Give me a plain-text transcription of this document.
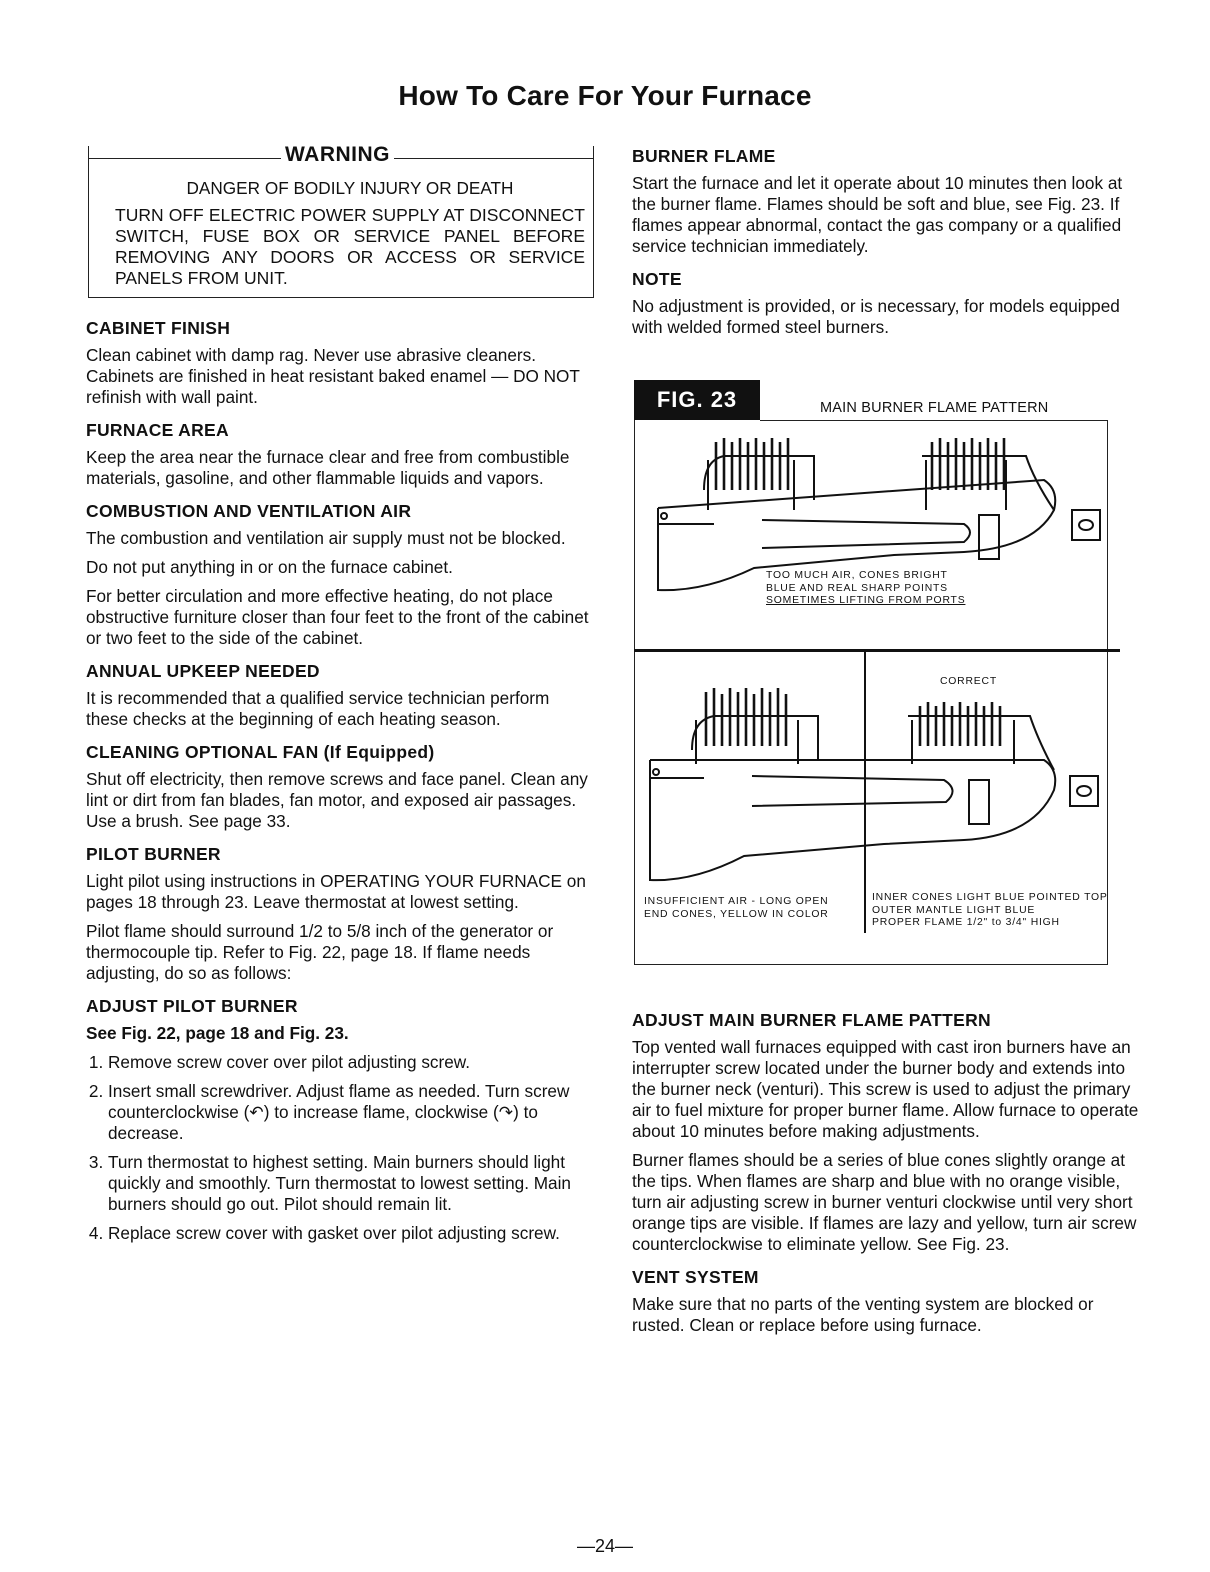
How To Care For Your Furnace
WARNING
DANGER OF BODILY INJURY OR DEATH
TURN OFF ELECTRIC POWER SUPPLY AT DISCONNECT SWITCH, FUSE BOX OR SERVICE PANEL BEFORE REMOVING ANY DOORS OR ACCESS OR SERVICE PANELS FROM UNIT.
CABINET FINISH

Clean cabinet with damp rag. Never use abrasive cleaners. Cabinets are finished in heat resistant baked enamel — DO NOT refinish with wall paint.

FURNACE AREA

Keep the area near the furnace clear and free from combustible materials, gasoline, and other flammable liquids and vapors.

COMBUSTION AND VENTILATION AIR

The combustion and ventilation air supply must not be blocked.

Do not put anything in or on the furnace cabinet.

For better circulation and more effective heating, do not place obstructive furniture closer than four feet to the front of the cabinet or two feet to the side of the cabinet.

ANNUAL UPKEEP NEEDED

It is recommended that a qualified service technician perform these checks at the beginning of each heating season.

CLEANING OPTIONAL FAN (If Equipped)

Shut off electricity, then remove screws and face panel. Clean any lint or dirt from fan blades, fan motor, and exposed air passages. Use a brush. See page 33.

PILOT BURNER

Light pilot using instructions in OPERATING YOUR FURNACE on pages 18 through 23. Leave thermostat at lowest setting.

Pilot flame should surround 1/2 to 5/8 inch of the generator or thermocouple tip. Refer to Fig. 22, page 18. If flame needs adjusting, do so as follows:

ADJUST PILOT BURNER
See Fig. 22, page 18 and Fig. 23.
1. Remove screw cover over pilot adjusting screw.
2. Insert small screwdriver. Adjust flame as needed. Turn screw counterclockwise (↶) to increase flame, clockwise (↷) to decrease.
3. Turn thermostat to highest setting. Main burners should light quickly and smoothly. Turn thermostat to lowest setting. Main burners should go out. Pilot should remain lit.
4. Replace screw cover with gasket over pilot adjusting screw.
BURNER FLAME

Start the furnace and let it operate about 10 minutes then look at the burner flame. Flames should be soft and blue, see Fig. 23. If flames appear abnormal, contact the gas company or a qualified service technician immediately.

NOTE

No adjustment is provided, or is necessary, for models equipped with welded formed steel burners.

FIG. 23	MAIN BURNER FLAME PATTERN
TOO MUCH AIR, CONES BRIGHT
BLUE AND REAL SHARP POINTS
SOMETIMES LIFTING FROM PORTS
CORRECT
INSUFFICIENT AIR - LONG OPEN
END CONES, YELLOW IN COLOR
INNER CONES LIGHT BLUE POINTED TOP
OUTER MANTLE LIGHT BLUE
PROPER FLAME 1/2" to 3/4" HIGH
ADJUST MAIN BURNER FLAME PATTERN

Top vented wall furnaces equipped with cast iron burners have an interrupter screw located under the burner body and extends into the burner neck (venturi). This screw is used to adjust the primary air to fuel mixture for proper burner flame. Allow furnace to operate about 10 minutes before making adjustments.

Burner flames should be a series of blue cones slightly orange at the tips. When flames are sharp and blue with no orange visible, turn air adjusting screw in burner venturi clockwise until very short orange tips are visible. If flames are lazy and yellow, turn air screw counterclockwise to eliminate yellow. See Fig. 23.

VENT SYSTEM

Make sure that no parts of the venting system are blocked or rusted. Clean or replace before using furnace.

—24—
